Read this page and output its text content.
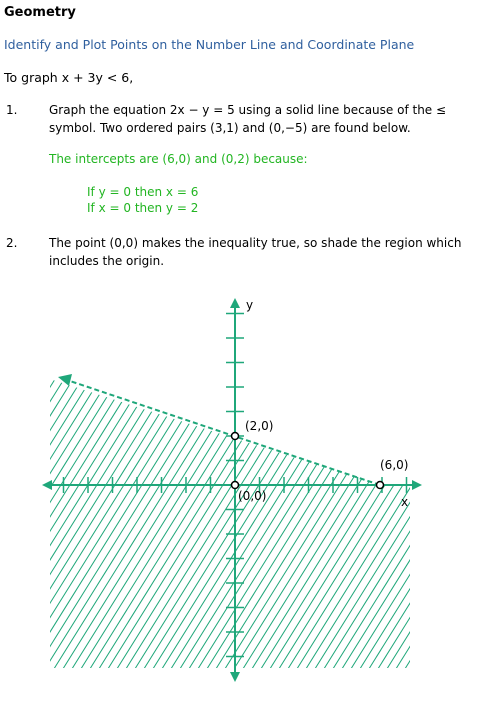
Geometry
Identify and Plot Points on the Number Line and Coordinate Plane
To graph x + 3y < 6,
1.	Graph the equation 2x − y = 5 using a solid line because of the ≤ symbol. Two ordered pairs (3,1) and (0,−5) are found below.
The intercepts are (6,0) and (0,2) because:
If y = 0 then x = 6
If x = 0 then y = 2
2.	The point (0,0) makes the inequality true, so shade the region which includes the origin.
y
x
(2,0)
(6,0)
(0,0)
